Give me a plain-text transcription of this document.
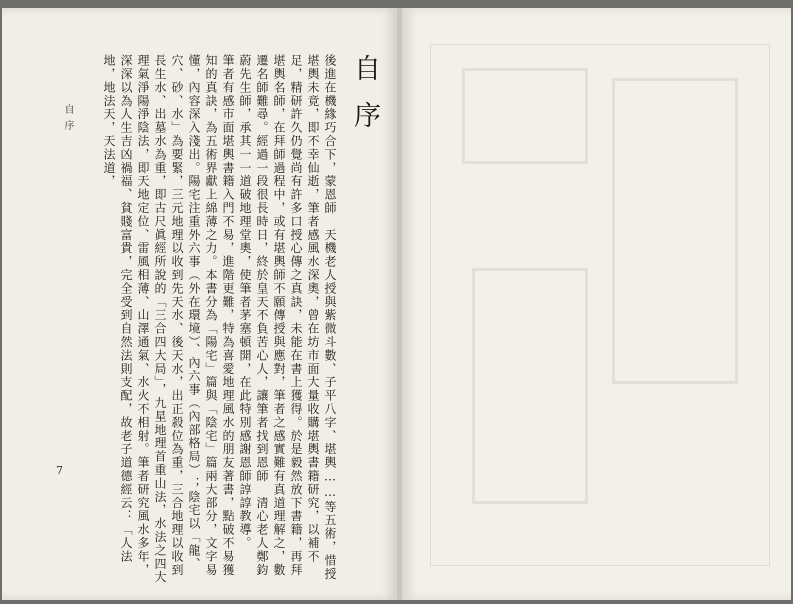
自序
7
自序
後進在機緣巧合下，蒙恩師　天機老人授與紫微斗數、子平八字、堪輿……等五術，惜授堪輿未竟，即不幸仙逝，筆者感風水深奧，曾在坊市面大量收購堪輿書籍研究，以補不足，精研許久仍覺尚有許多口授心傳之真訣，未能在書上獲得。於是毅然放下書籍，再拜堪輿名師，在拜師過程中，或有堪輿師不願傳授與應對，筆者之感實難有真道理解之，數遷名師難尋。經過一段很長時日，終於皇天不負苦心人，讓筆者找到恩師　清心老人鄭鈞蔚先生師，承其一一道破地理堂奧，使筆者茅塞頓開，在此特別感謝恩師諄諄教導。
筆者有感市面堪輿書籍入門不易，進階更難，特為喜愛地理風水的朋友著書，點破不易獲知的真訣，為五術界獻上綿薄之力。本書分為「陽宅」篇與「陰宅」篇兩大部分，文字易懂，內容深入淺出。陽宅注重外六事（外在環境）、內六事（內部格局）；陰宅以「龍、穴、砂、水」為要緊，三元地理以收到先天水、後天水，出正殺位為重，三合地理以收到長生水、出墓水為重，即古尺眞經所說的「三合四大局」，九星地理首重山法，水法之四大理氣淨陽淨陰法，即天地定位、雷風相薄、山澤通氣、水火不相射。筆者研究風水多年，深深以為人生吉凶禍福、貧賤富貴，完全受到自然法則支配，故老子道德經云：「人法地，地法天，天法道，
